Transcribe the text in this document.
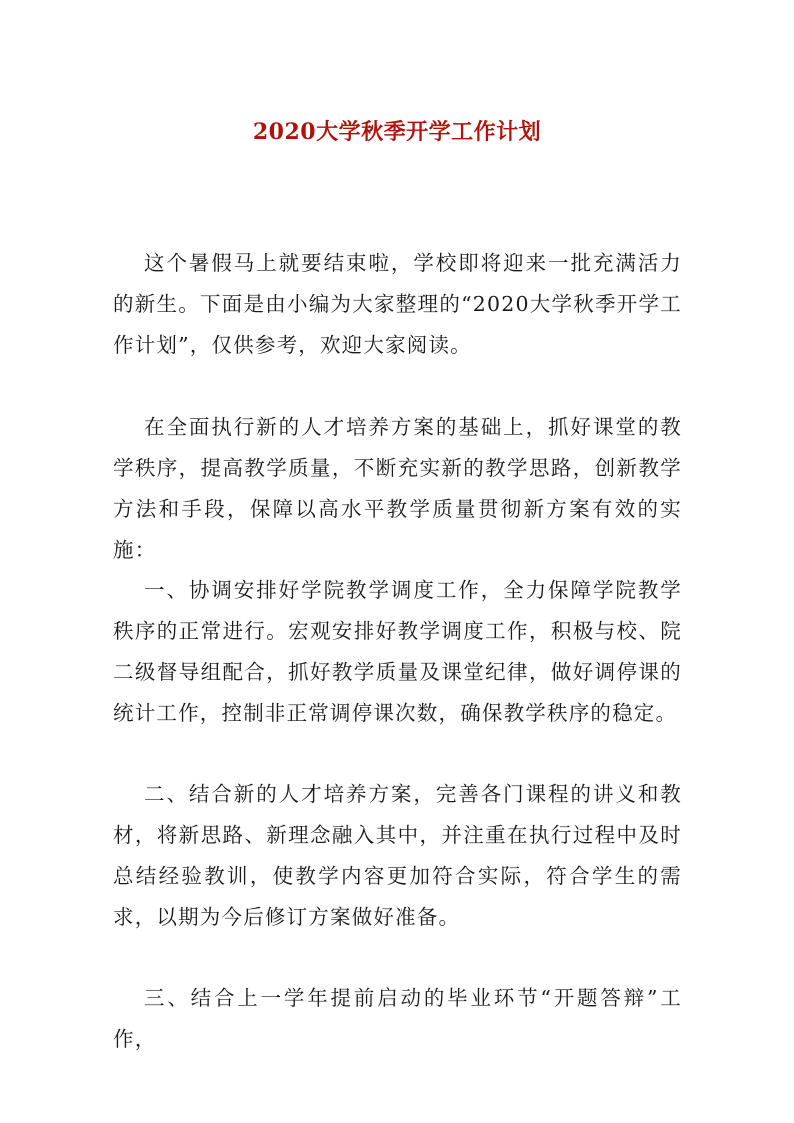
2020大学秋季开学工作计划

这个暑假马上就要结束啦，学校即将迎来一批充满活力的新生。下面是由小编为大家整理的“2020大学秋季开学工作计划”，仅供参考，欢迎大家阅读。

在全面执行新的人才培养方案的基础上，抓好课堂的教学秩序，提高教学质量，不断充实新的教学思路，创新教学方法和手段，保障以高水平教学质量贯彻新方案有效的实施：

一、协调安排好学院教学调度工作，全力保障学院教学秩序的正常进行。宏观安排好教学调度工作，积极与校、院二级督导组配合，抓好教学质量及课堂纪律，做好调停课的统计工作，控制非正常调停课次数，确保教学秩序的稳定。

二、结合新的人才培养方案，完善各门课程的讲义和教材，将新思路、新理念融入其中，并注重在执行过程中及时总结经验教训，使教学内容更加符合实际，符合学生的需求，以期为今后修订方案做好准备。

三、结合上一学年提前启动的毕业环节“开题答辩”工作，
